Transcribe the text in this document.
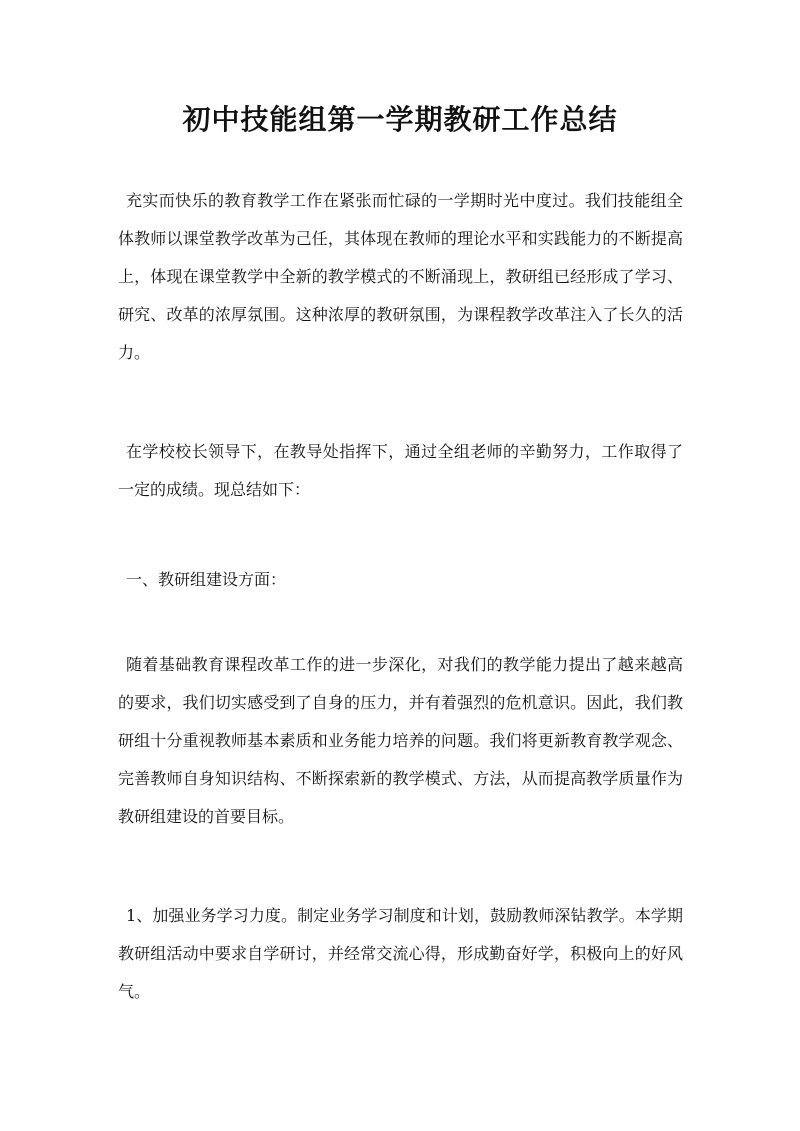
初中技能组第一学期教研工作总结

充实而快乐的教育教学工作在紧张而忙碌的一学期时光中度过。我们技能组全体教师以课堂教学改革为己任，其体现在教师的理论水平和实践能力的不断提高上，体现在课堂教学中全新的教学模式的不断涌现上，教研组已经形成了学习、研究、改革的浓厚氛围。这种浓厚的教研氛围，为课程教学改革注入了长久的活力。

在学校校长领导下，在教导处指挥下，通过全组老师的辛勤努力，工作取得了一定的成绩。现总结如下：

一、教研组建设方面：

随着基础教育课程改革工作的进一步深化，对我们的教学能力提出了越来越高的要求，我们切实感受到了自身的压力，并有着强烈的危机意识。因此，我们教研组十分重视教师基本素质和业务能力培养的问题。我们将更新教育教学观念、完善教师自身知识结构、不断探索新的教学模式、方法，从而提高教学质量作为教研组建设的首要目标。

1、加强业务学习力度。制定业务学习制度和计划，鼓励教师深钻教学。本学期教研组活动中要求自学研讨，并经常交流心得，形成勤奋好学，积极向上的好风气。
